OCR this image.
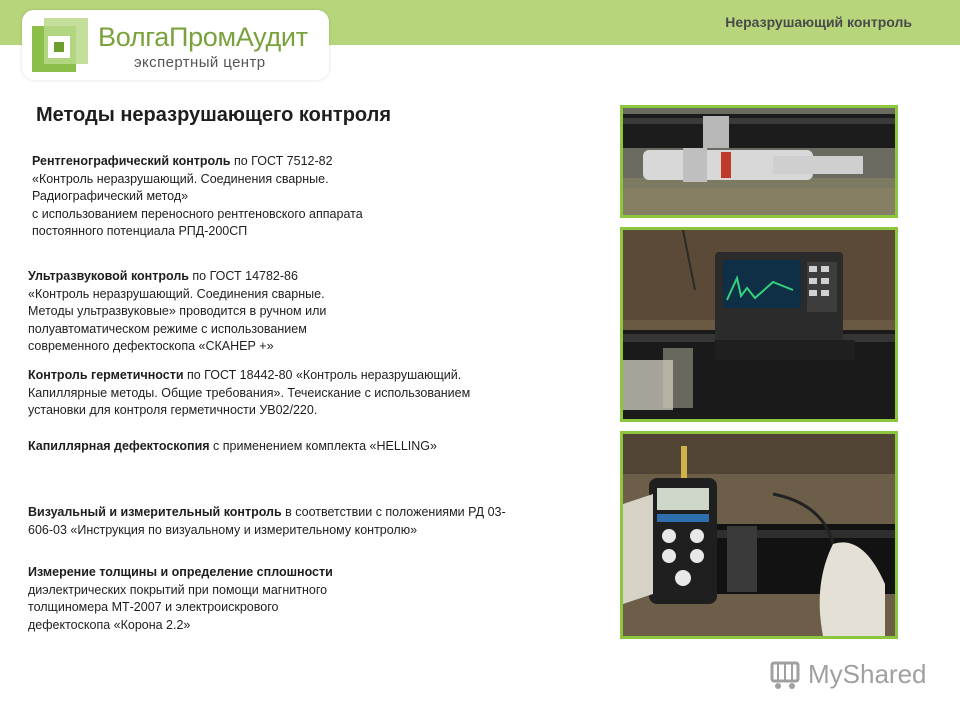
Неразрушающий контроль
ВолгаПромАудит
экспертный центр
Методы неразрушающего контроля
Рентгенографический контроль по ГОСТ 7512-82
«Контроль неразрушающий. Соединения сварные.
Радиографический метод»
с использованием переносного рентгеновского аппарата
постоянного потенциала РПД-200СП
Ультразвуковой контроль по ГОСТ 14782-86
«Контроль неразрушающий. Соединения сварные.
Методы ультразвуковые» проводится в ручном или
полуавтоматическом режиме с использованием
современного дефектоскопа «СКАНЕР +»
Контроль герметичности по ГОСТ 18442-80 «Контроль неразрушающий.
Капиллярные методы. Общие требования». Течеискание с использованием
установки для контроля герметичности УВ02/220.
Капиллярная дефектоскопия с применением комплекта «HELLING»
Визуальный и измерительный контроль в соответствии с положениями РД 03-
606-03 «Инструкция по визуальному и измерительному контролю»
Измерение толщины и определение сплошности
диэлектрических покрытий при помощи магнитного
толщиномера МТ-2007 и электроискрового
дефектоскопа «Корона 2.2»
MyShared
